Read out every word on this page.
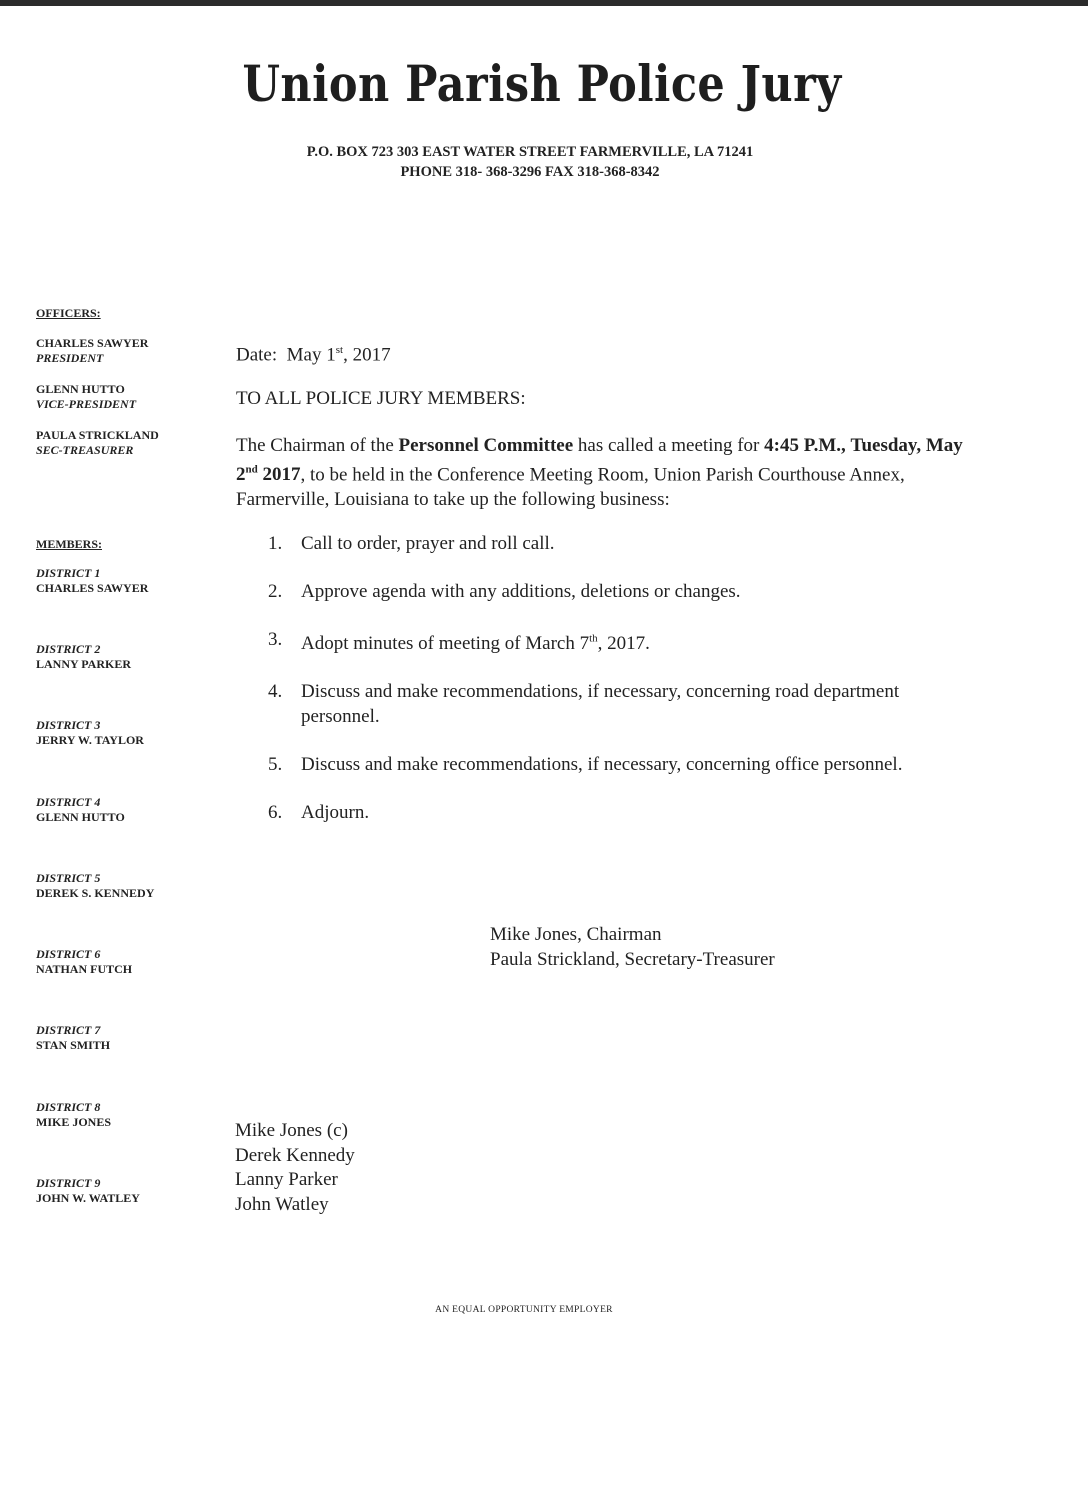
Union Parish Police Jury
P.O. BOX 723 303 EAST WATER STREET FARMERVILLE, LA 71241
PHONE 318- 368-3296 FAX 318-368-8342
OFFICERS:
CHARLES SAWYER
PRESIDENT
GLENN HUTTO
VICE-PRESIDENT
PAULA STRICKLAND
SEC-TREASURER
MEMBERS:
DISTRICT 1
CHARLES SAWYER
DISTRICT 2
LANNY PARKER
DISTRICT 3
JERRY W. TAYLOR
DISTRICT 4
GLENN HUTTO
DISTRICT 5
DEREK S. KENNEDY
DISTRICT 6
NATHAN FUTCH
DISTRICT 7
STAN SMITH
DISTRICT 8
MIKE JONES
DISTRICT 9
JOHN W. WATLEY
Date: May 1st, 2017
TO ALL POLICE JURY MEMBERS:
The Chairman of the Personnel Committee has called a meeting for 4:45 P.M., Tuesday, May 2nd 2017, to be held in the Conference Meeting Room, Union Parish Courthouse Annex, Farmerville, Louisiana to take up the following business:
1. Call to order, prayer and roll call.
2. Approve agenda with any additions, deletions or changes.
3. Adopt minutes of meeting of March 7th, 2017.
4. Discuss and make recommendations, if necessary, concerning road department personnel.
5. Discuss and make recommendations, if necessary, concerning office personnel.
6. Adjourn.
Mike Jones, Chairman
Paula Strickland, Secretary-Treasurer
Mike Jones (c)
Derek Kennedy
Lanny Parker
John Watley
AN EQUAL OPPORTUNITY EMPLOYER
